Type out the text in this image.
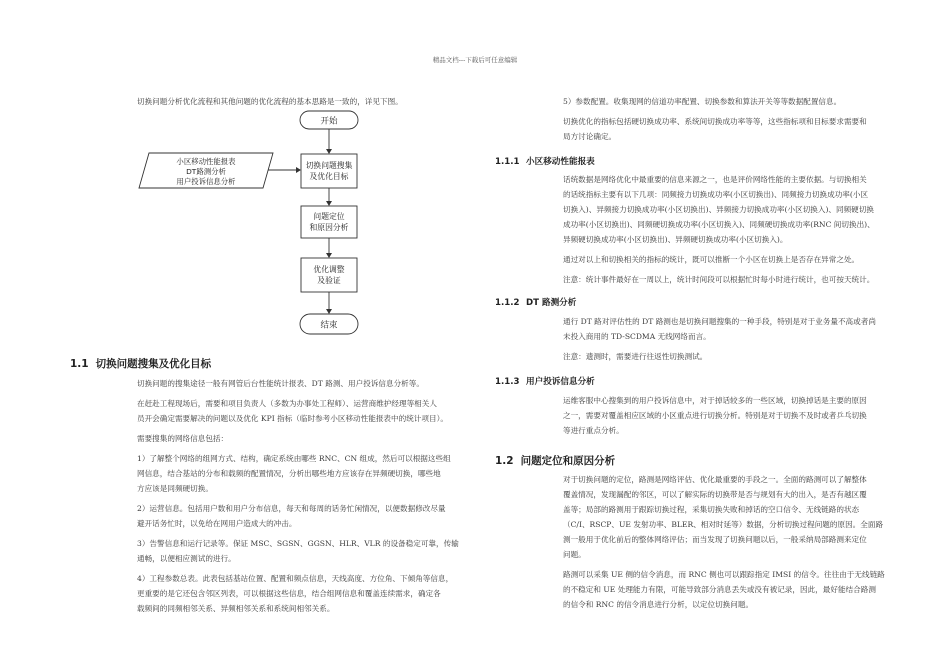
精品文档---下载后可任意编辑

切换问题分析优化流程和其他问题的优化流程的基本思路是一致的，详见下图。

开始
小区移动性能报表
DT路测分析
用户投诉信息分析
切换问题搜集
及优化目标
问题定位
和原因分析
优化调整
及验证
结束
1.1 切换问题搜集及优化目标

切换问题的搜集途径一般有网管后台性能统计报表、DT 路测、用户投诉信息分析等。

在赶赴工程现场后，需要和项目负责人（多数为办事处工程师）、运营商维护经理等相关人

员开会确定需要解决的问题以及优化 KPI 指标（临时参考小区移动性能报表中的统计项目）。

需要搜集的网络信息包括：

1）了解整个网络的组网方式、结构，确定系统由哪些 RNC、CN 组成，然后可以根据这些组

网信息，结合基站的分布和载频的配置情况，分析出哪些地方应该存在异频硬切换，哪些地

方应该是同频硬切换。

2）运营信息。包括用户数和用户分布信息，每天和每周的话务忙闲情况，以便数据修改尽量

避开话务忙时，以免给在网用户造成大的冲击。

3）告警信息和运行记录等。保证 MSC、SGSN、GGSN、HLR、VLR 的设备稳定可靠，传输

通畅，以便相应测试的进行。

4）工程参数总表。此表包括基站位置、配置和频点信息，天线高度、方位角、下倾角等信息，

更重要的是它还包含邻区列表，可以根据这些信息，结合组网信息和覆盖连续需求，确定各

载频间的同频相邻关系、异频相邻关系和系统间相邻关系。

5）参数配置。收集现网的信道功率配置、切换参数和算法开关等等数据配置信息。

切换优化的指标包括硬切换成功率、系统间切换成功率等等，这些指标项和目标要求需要和

局方讨论确定。

1.1.1 小区移动性能报表

话统数据是网络优化中最重要的信息来源之一，也是评价网络性能的主要依据。与切换相关

的话统指标主要有以下几项：同频接力切换成功率(小区切换出)、同频接力切换成功率(小区

切换入)、异频接力切换成功率(小区切换出)、异频接力切换成功率(小区切换入)、同频硬切换

成功率(小区切换出)、同频硬切换成功率(小区切换入)、同频硬切换成功率(RNC 间切换出)、

异频硬切换成功率(小区切换出)、异频硬切换成功率(小区切换入)。

通过对以上和切换相关的指标的统计，既可以推断一个小区在切换上是否存在异常之处。

注意：统计事件最好在一周以上，统计时间段可以根据忙时每小时进行统计，也可按天统计。

1.1.2 DT 路测分析

通行 DT 路对评估性的 DT 路测也是切换问题搜集的一种手段，特别是对于业务量不高或者尚

未投入商用的 TD-SCDMA 无线网络而言。

注意：遗测时，需要进行往返性切换测试。

1.1.3 用户投诉信息分析

运维客服中心搜集到的用户投诉信息中，对于掉话较多的一些区域，切换掉话是主要的原因

之一，需要对覆盖相应区域的小区重点进行切换分析。特别是对于切换不及时或者乒乓切换

等进行重点分析。

1.2 问题定位和原因分析

对于切换问题的定位，路测是网络评估、优化最重要的手段之一。全面的路测可以了解整体

覆盖情况，发现漏配的邻区，可以了解实际的切换带是否与规划有大的出入，是否有越区覆

盖等；局部的路测用于跟踪切换过程，采集切换失败和掉话的空口信令、无线链路的状态

（C/I、RSCP、UE 发射功率、BLER、相对时延等）数据，分析切换过程问题的原因。全面路

测一般用于优化前后的整体网络评估；而当发现了切换问题以后，一般采纳局部路测来定位

问题。

路测可以采集 UE 侧的信令消息，而 RNC 侧也可以跟踪指定 IMSI 的信令。往往由于无线链路

的不稳定和 UE 处理能力有限，可能导致部分消息丢失或没有被记录，因此，最好能结合路测

的信令和 RNC 的信令消息进行分析，以定位切换问题。
